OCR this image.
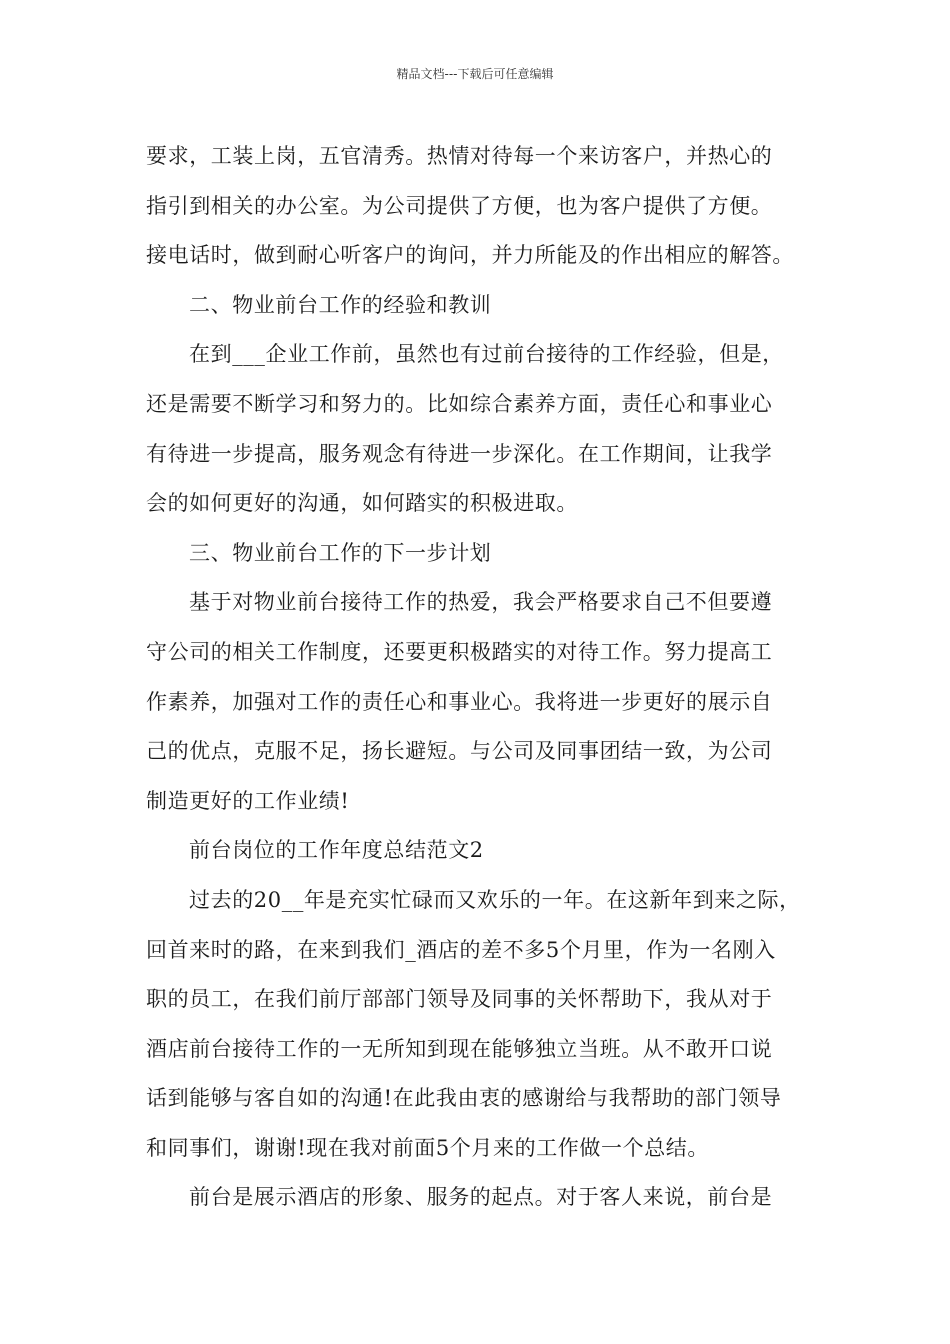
精品文档---下载后可任意编辑
要求，工装上岗，五官清秀。热情对待每一个来访客户，并热心的
指引到相关的办公室。为公司提供了方便，也为客户提供了方便。
接电话时，做到耐心听客户的询问，并力所能及的作出相应的解答。
二、物业前台工作的经验和教训
在到___企业工作前，虽然也有过前台接待的工作经验，但是，
还是需要不断学习和努力的。比如综合素养方面，责任心和事业心
有待进一步提高，服务观念有待进一步深化。在工作期间，让我学
会的如何更好的沟通，如何踏实的积极进取。
三、物业前台工作的下一步计划
基于对物业前台接待工作的热爱，我会严格要求自己不但要遵
守公司的相关工作制度，还要更积极踏实的对待工作。努力提高工
作素养，加强对工作的责任心和事业心。我将进一步更好的展示自
己的优点，克服不足，扬长避短。与公司及同事团结一致，为公司
制造更好的工作业绩!
前台岗位的工作年度总结范文2
过去的20__年是充实忙碌而又欢乐的一年。在这新年到来之际，
回首来时的路，在来到我们_酒店的差不多5个月里，作为一名刚入
职的员工，在我们前厅部部门领导及同事的关怀帮助下，我从对于
酒店前台接待工作的一无所知到现在能够独立当班。从不敢开口说
话到能够与客自如的沟通!在此我由衷的感谢给与我帮助的部门领导
和同事们，谢谢!现在我对前面5个月来的工作做一个总结。
前台是展示酒店的形象、服务的起点。对于客人来说，前台是
